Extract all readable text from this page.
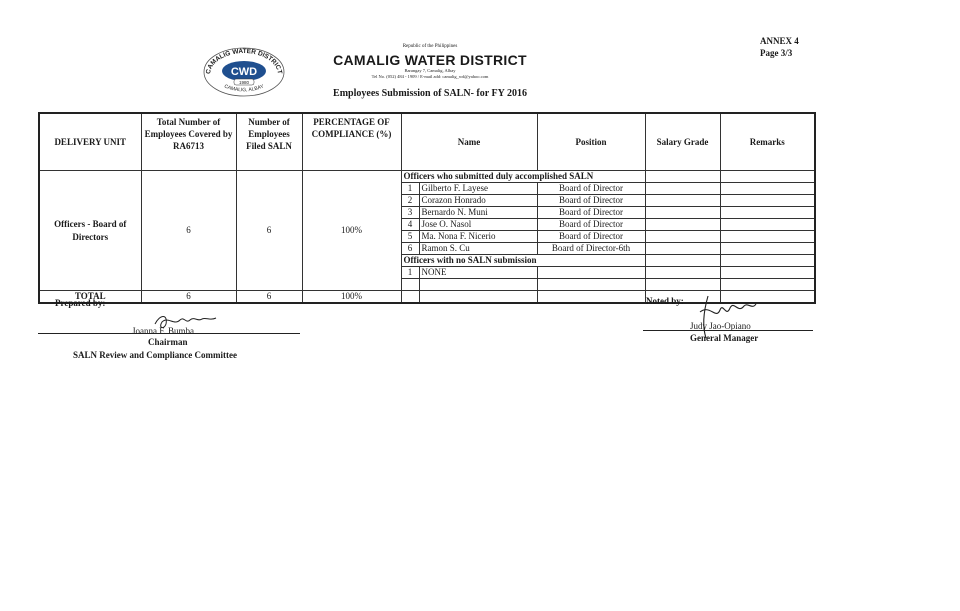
Republic of the Philippines
CAMALIG WATER DISTRICT
Barangay 7, Camalig, Albay
Tel No. (052) 484 - 1909 / E-mail add: camalig_wd@yahoo.com
Employees Submission of SALN- for FY 2016
ANNEX 4
Page 3/3
CAMALIG WATER DISTRICT
CWD
1980
CAMALIG, ALBAY
DELIVERY UNIT	Total Number of Employees Covered by RA6713	Number of Employees Filed SALN	PERCENTAGE OF COMPLIANCE (%)	Name		Position	Salary Grade	Remarks
Officers - Board of Directors	6	6	100%	Officers who submitted duly accomplished SALN				
				1	Gilberto F. Layese	Board of Director		
				2	Corazon Honrado	Board of Director		
				3	Bernardo N. Muni	Board of Director		
				4	Jose O. Nasol	Board of Director		
				5	Ma. Nona F. Nicerio	Board of Director		
				6	Ramon S. Cu	Board of Director-6th		
				Officers with no SALN submission				
				1	NONE			

TOTAL	6	6	100%					
Prepared by:
Joanna F. Bumba
Chairman
SALN Review and Compliance Committee
Noted by:
Judy Jao-Opiano
General Manager
